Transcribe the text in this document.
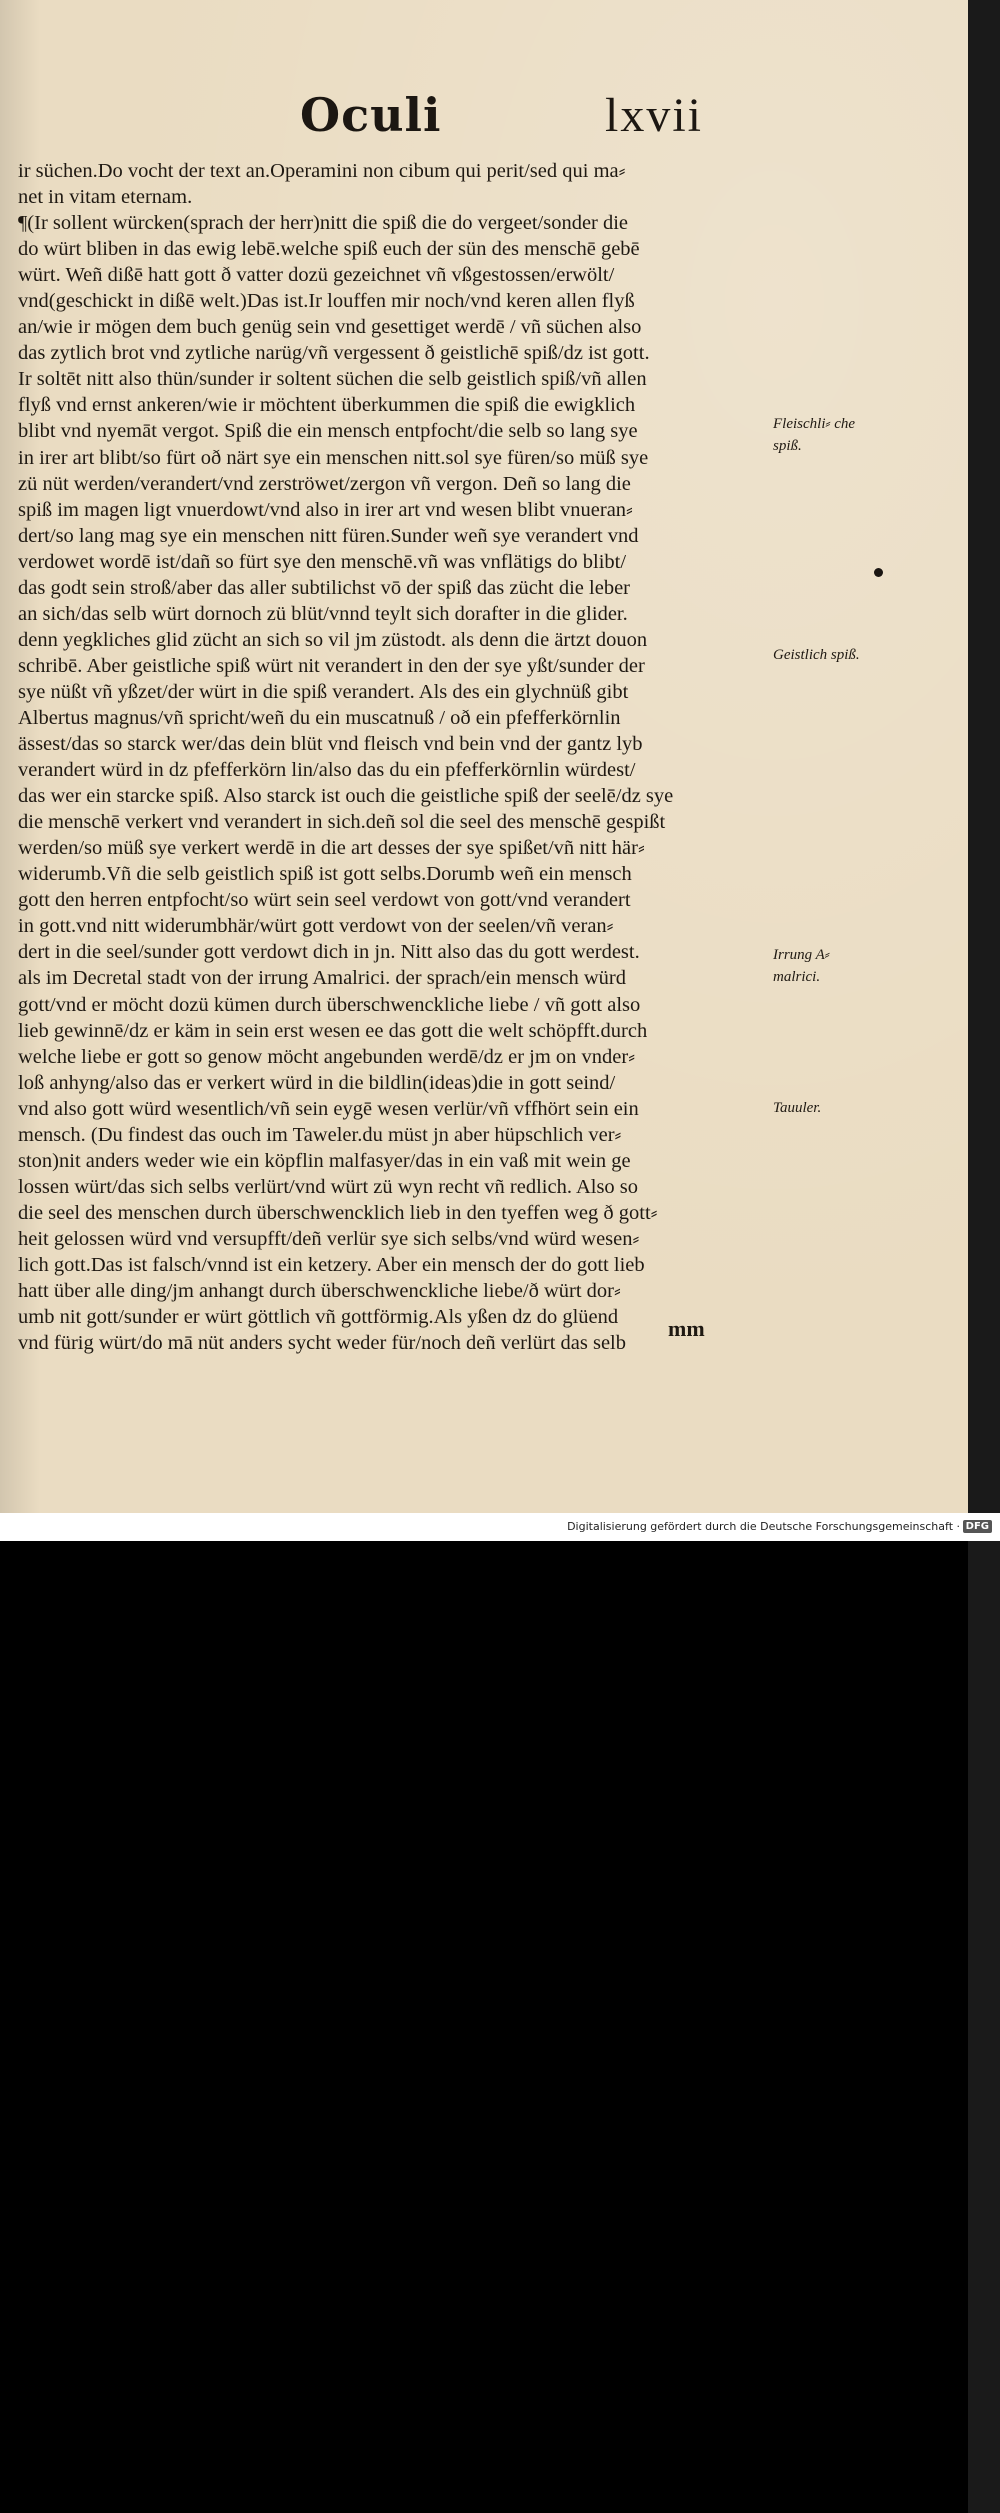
Oculi	lxvii
ir süchen.Do vocht der text an.Operamini non cibum qui perit/sed qui ma⸗
net in vitam eternam.
¶(Ir sollent würcken(sprach der herr)nitt die spiß die do vergeet/sonder die
do würt bliben in das ewig lebē.welche spiß euch der sün des menschē gebē
würt. Weñ dißē hatt gott ð vatter dozü gezeichnet vñ vßgestossen/erwölt/
vnd(geschickt in dißē welt.)Das ist.Ir louffen mir noch/vnd keren allen flyß
an/wie ir mögen dem buch genüg sein vnd gesettiget werdē / vñ süchen also
das zytlich brot vnd zytliche narüg/vñ vergessent ð geistlichē spiß/dz ist gott.
Ir soltēt nitt also thün/sunder ir soltent süchen die selb geistlich spiß/vñ allen
flyß vnd ernst ankeren/wie ir möchtent überkummen die spiß die ewigklich
blibt vnd nyemāt vergot. Spiß die ein mensch entpfocht/die selb so lang sye
in irer art blibt/so fürt oð närt sye ein menschen nitt.sol sye füren/so müß sye
zü nüt werden/verandert/vnd zerströwet/zergon vñ vergon. Deñ so lang die
spiß im magen ligt vnuerdowt/vnd also in irer art vnd wesen blibt vnueran⸗
dert/so lang mag sye ein menschen nitt füren.Sunder weñ sye verandert vnd
verdowet wordē ist/dañ so fürt sye den menschē.vñ was vnflätigs do blibt/
das godt sein stroß/aber das aller subtilichst vō der spiß das zücht die leber
an sich/das selb würt dornoch zü blüt/vnnd teylt sich dorafter in die glider.
denn yegkliches glid zücht an sich so vil jm züstodt. als denn die ärtzt douon
schribē. Aber geistliche spiß würt nit verandert in den der sye yßt/sunder der
sye nüßt vñ yßzet/der würt in die spiß verandert. Als des ein glychnüß gibt
Albertus magnus/vñ spricht/weñ du ein muscatnuß / oð ein pfefferkörnlin
ässest/das so starck wer/das dein blüt vnd fleisch vnd bein vnd der gantz lyb
verandert würd in dz pfefferkörn lin/also das du ein pfefferkörnlin würdest/
das wer ein starcke spiß. Also starck ist ouch die geistliche spiß der seelē/dz sye
die menschē verkert vnd verandert in sich.deñ sol die seel des menschē gespißt
werden/so müß sye verkert werdē in die art desses der sye spißet/vñ nitt här⸗
widerumb.Vñ die selb geistlich spiß ist gott selbs.Dorumb weñ ein mensch
gott den herren entpfocht/so würt sein seel verdowt von gott/vnd verandert
in gott.vnd nitt widerumbhär/würt gott verdowt von der seelen/vñ veran⸗
dert in die seel/sunder gott verdowt dich in jn. Nitt also das du gott werdest.
als im Decretal stadt von der irrung Amalrici. der sprach/ein mensch würd
gott/vnd er möcht dozü kümen durch überschwenckliche liebe / vñ gott also
lieb gewinnē/dz er käm in sein erst wesen ee das gott die welt schöpfft.durch
welche liebe er gott so genow möcht angebunden werdē/dz er jm on vnder⸗
loß anhyng/also das er verkert würd in die bildlin(ideas)die in gott seind/
vnd also gott würd wesentlich/vñ sein eygē wesen verlür/vñ vffhört sein ein
mensch. (Du findest das ouch im Taweler.du müst jn aber hüpschlich ver⸗
ston)nit anders weder wie ein köpflin malfasyer/das in ein vaß mit wein ge
lossen würt/das sich selbs verlürt/vnd würt zü wyn recht vñ redlich. Also so
die seel des menschen durch überschwencklich lieb in den tyeffen weg ð gott⸗
heit gelossen würd vnd versupfft/deñ verlür sye sich selbs/vnd würd wesen⸗
lich gott.Das ist falsch/vnnd ist ein ketzery. Aber ein mensch der do gott lieb
hatt über alle ding/jm anhangt durch überschwenckliche liebe/ð würt dor⸗
umb nit gott/sunder er würt göttlich vñ gottförmig.Als yßen dz do glüend
vnd fürig würt/do mā nüt anders sycht weder für/noch deñ verlürt das selb
mm
Fleischli⸗ che spiß.
Geistlich spiß.
Irrung A⸗ malrici.
Tauuler.
Digitalisierung gefördert durch die Deutsche Forschungsgemeinschaft · DFG
